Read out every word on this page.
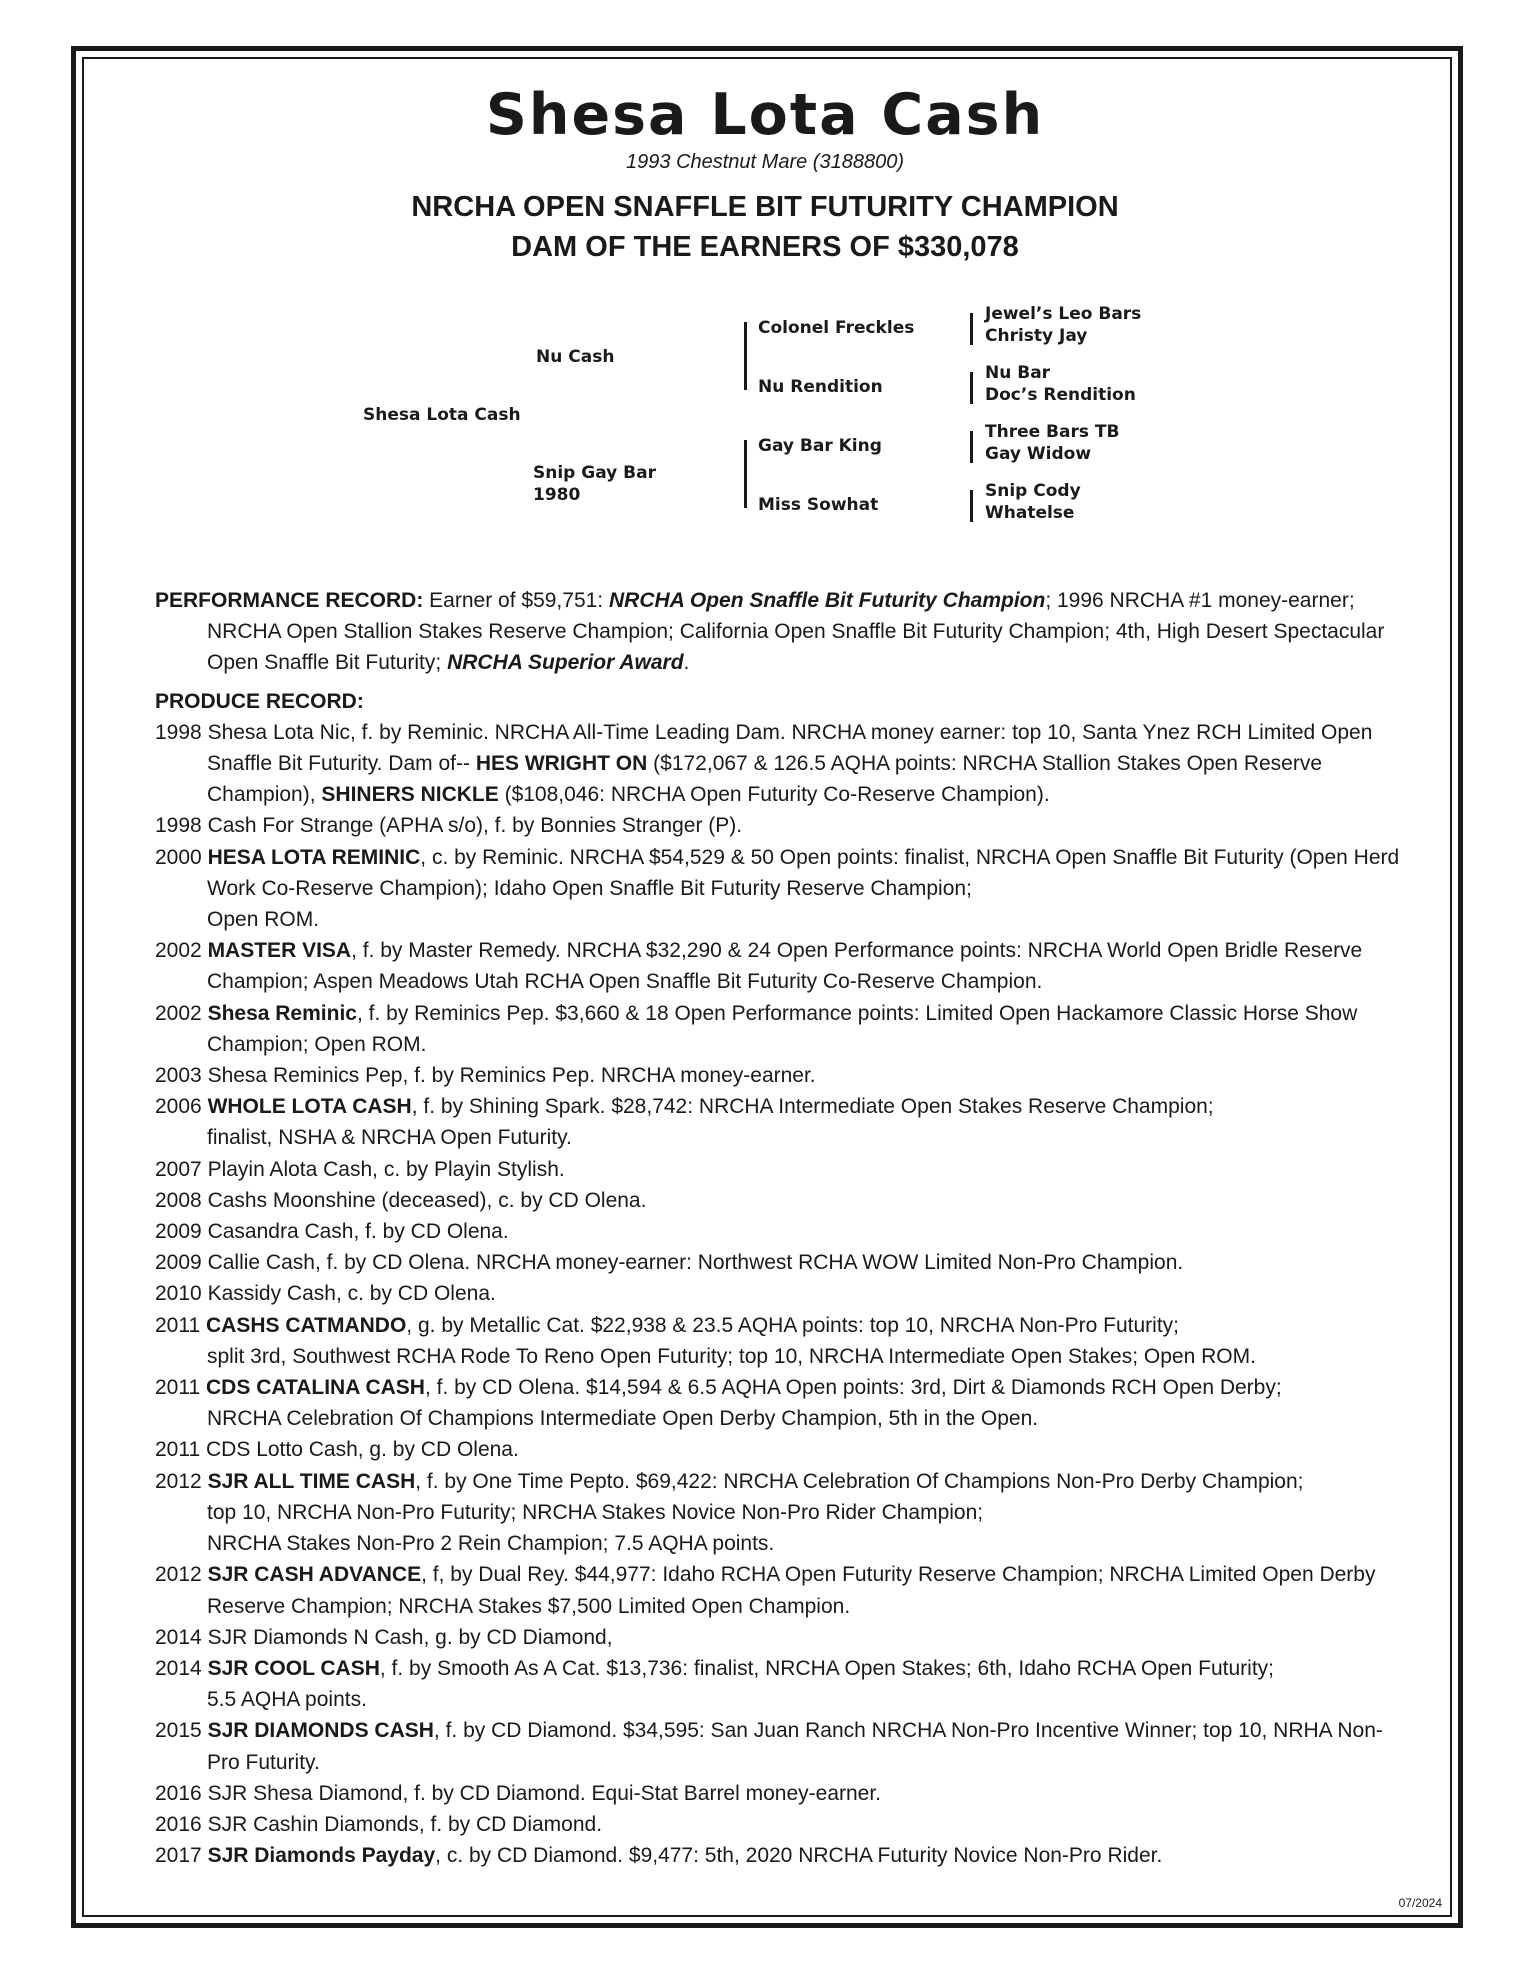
Shesa Lota Cash
1993 Chestnut Mare (3188800)
NRCHA OPEN SNAFFLE BIT FUTURITY CHAMPION
DAM OF THE EARNERS OF $330,078
Shesa Lota Cash
Nu Cash
Snip Gay Bar
1980
Colonel Freckles
Nu Rendition
Gay Bar King
Miss Sowhat
Jewel’s Leo Bars
Christy Jay
Nu Bar
Doc’s Rendition
Three Bars TB
Gay Widow
Snip Cody
Whatelse

PERFORMANCE RECORD: Earner of $59,751: NRCHA Open Snaffle Bit Futurity Champion; 1996 NRCHA #1 money-earner; NRCHA Open Stallion Stakes Reserve Champion; California Open Snaffle Bit Futurity Champion; 4th, High Desert Spectacular Open Snaffle Bit Futurity; NRCHA Superior Award.

PRODUCE RECORD:

1998 Shesa Lota Nic, f. by Reminic. NRCHA All-Time Leading Dam. NRCHA money earner: top 10, Santa Ynez RCH Limited Open Snaffle Bit Futurity. Dam of-- HES WRIGHT ON ($172,067 & 126.5 AQHA points: NRCHA Stallion Stakes Open Reserve Champion), SHINERS NICKLE ($108,046: NRCHA Open Futurity Co-Reserve Champion).

1998 Cash For Strange (APHA s/o), f. by Bonnies Stranger (P).

2000 HESA LOTA REMINIC, c. by Reminic. NRCHA $54,529 & 50 Open points: finalist, NRCHA Open Snaffle Bit Futurity (Open Herd Work Co-Reserve Champion); Idaho Open Snaffle Bit Futurity Reserve Champion;
Open ROM.

2002 MASTER VISA, f. by Master Remedy. NRCHA $32,290 & 24 Open Performance points: NRCHA World Open Bridle Reserve Champion; Aspen Meadows Utah RCHA Open Snaffle Bit Futurity Co-Reserve Champion.

2002 Shesa Reminic, f. by Reminics Pep. $3,660 & 18 Open Performance points: Limited Open Hackamore Classic Horse Show Champion; Open ROM.

2003 Shesa Reminics Pep, f. by Reminics Pep. NRCHA money-earner.

2006 WHOLE LOTA CASH, f. by Shining Spark. $28,742: NRCHA Intermediate Open Stakes Reserve Champion;
finalist, NSHA & NRCHA Open Futurity.

2007 Playin Alota Cash, c. by Playin Stylish.

2008 Cashs Moonshine (deceased), c. by CD Olena.

2009 Casandra Cash, f. by CD Olena.

2009 Callie Cash, f. by CD Olena. NRCHA money-earner: Northwest RCHA WOW Limited Non-Pro Champion.

2010 Kassidy Cash, c. by CD Olena.

2011 CASHS CATMANDO, g. by Metallic Cat. $22,938 & 23.5 AQHA points: top 10, NRCHA Non-Pro Futurity;
split 3rd, Southwest RCHA Rode To Reno Open Futurity; top 10, NRCHA Intermediate Open Stakes; Open ROM.

2011 CDS CATALINA CASH, f. by CD Olena. $14,594 & 6.5 AQHA Open points: 3rd, Dirt & Diamonds RCH Open Derby;
NRCHA Celebration Of Champions Intermediate Open Derby Champion, 5th in the Open.

2011 CDS Lotto Cash, g. by CD Olena.

2012 SJR ALL TIME CASH, f. by One Time Pepto. $69,422: NRCHA Celebration Of Champions Non-Pro Derby Champion;
top 10, NRCHA Non-Pro Futurity; NRCHA Stakes Novice Non-Pro Rider Champion;
NRCHA Stakes Non-Pro 2 Rein Champion; 7.5 AQHA points.

2012 SJR CASH ADVANCE, f, by Dual Rey. $44,977: Idaho RCHA Open Futurity Reserve Champion; NRCHA Limited Open Derby Reserve Champion; NRCHA Stakes $7,500 Limited Open Champion.

2014 SJR Diamonds N Cash, g. by CD Diamond,

2014 SJR COOL CASH, f. by Smooth As A Cat. $13,736: finalist, NRCHA Open Stakes; 6th, Idaho RCHA Open Futurity;
5.5 AQHA points.

2015 SJR DIAMONDS CASH, f. by CD Diamond. $34,595: San Juan Ranch NRCHA Non-Pro Incentive Winner; top 10, NRHA Non-Pro Futurity.

2016 SJR Shesa Diamond, f. by CD Diamond. Equi-Stat Barrel money-earner.

2016 SJR Cashin Diamonds, f. by CD Diamond.

2017 SJR Diamonds Payday, c. by CD Diamond. $9,477: 5th, 2020 NRCHA Futurity Novice Non-Pro Rider.

07/2024
